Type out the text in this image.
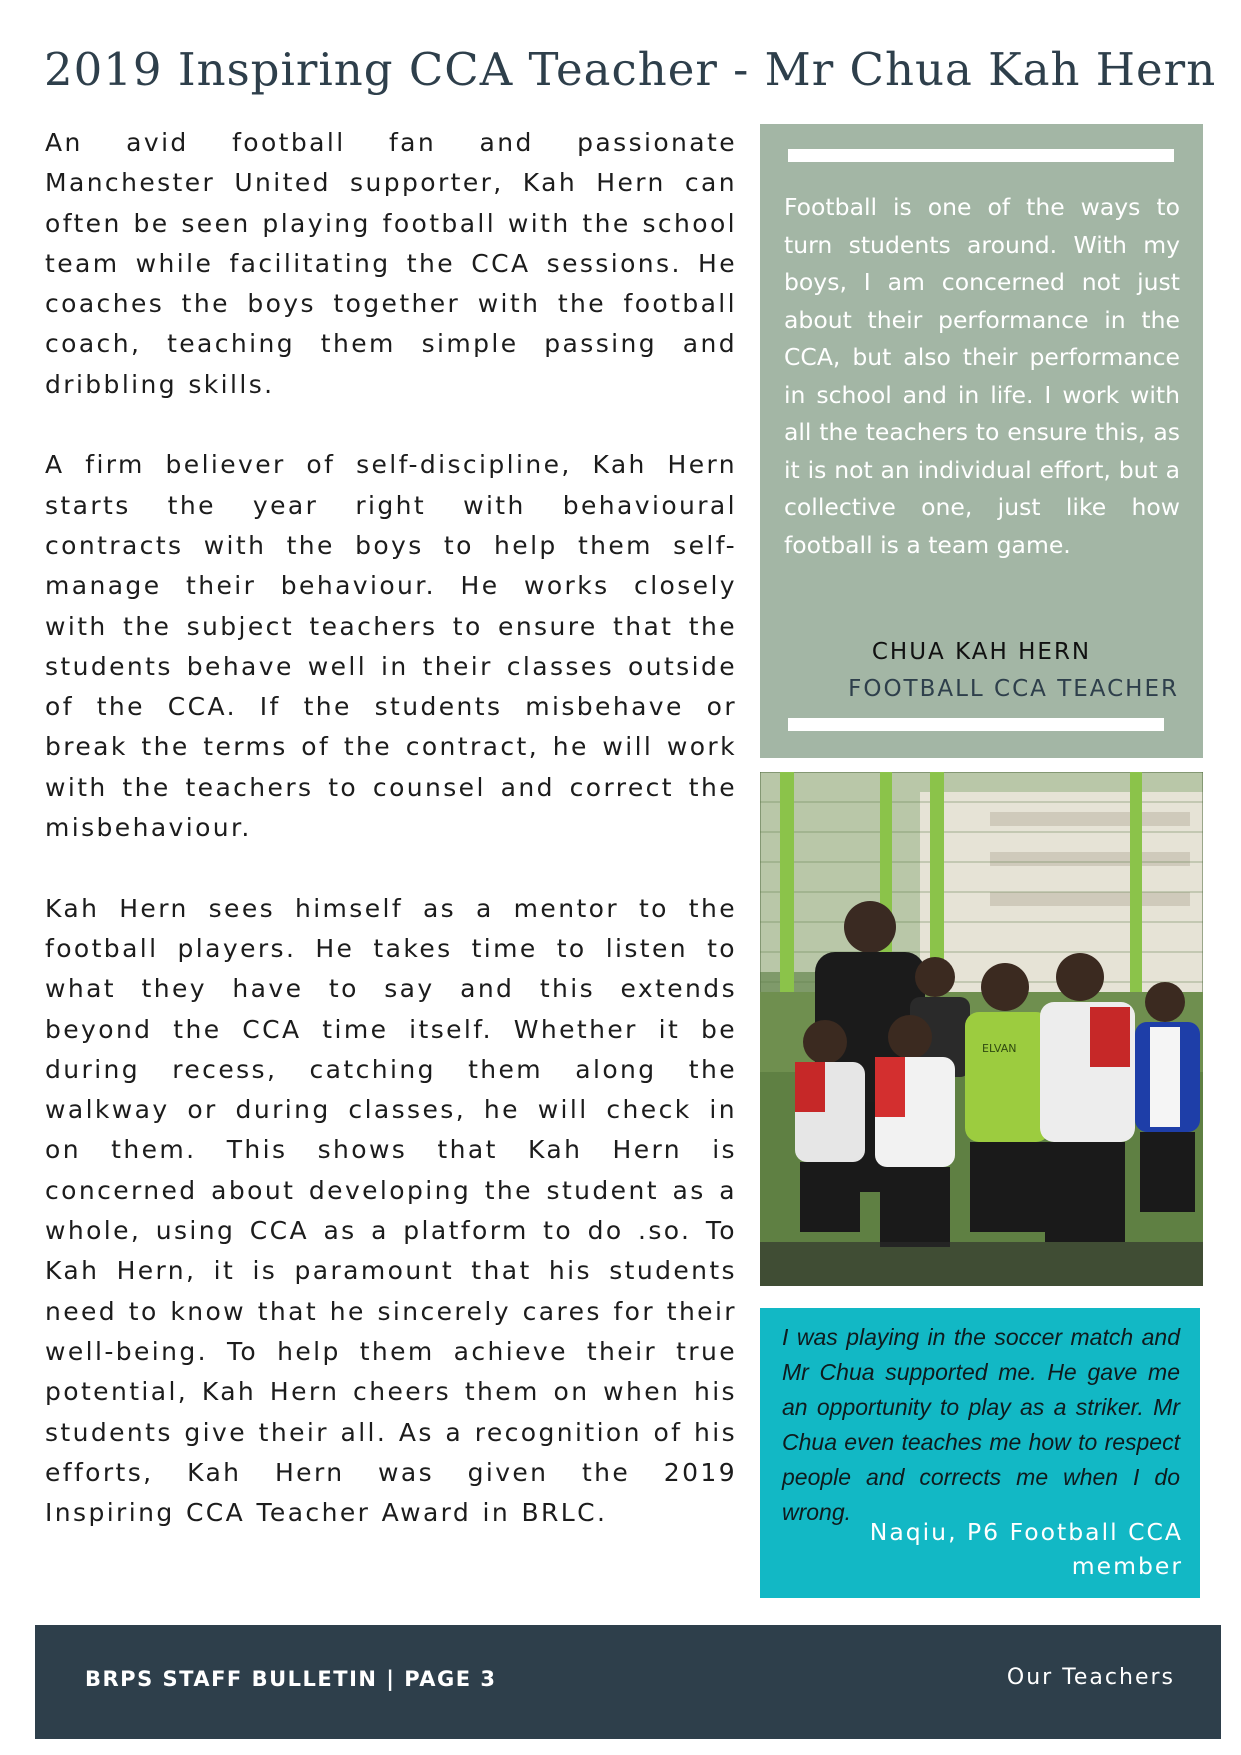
2019 Inspiring CCA Teacher - Mr Chua Kah Hern

An avid football fan and passionate Manchester United supporter, Kah Hern can often be seen playing football with the school team while facilitating the CCA sessions. He coaches the boys together with the football coach, teaching them simple passing and dribbling skills.

A firm believer of self-discipline, Kah Hern starts the year right with behavioural contracts with the boys to help them self-manage their behaviour. He works closely with the subject teachers to ensure that the students behave well in their classes outside of the CCA. If the students misbehave or break the terms of the contract, he will work with the teachers to counsel and correct the misbehaviour.

Kah Hern sees himself as a mentor to the football players. He takes time to listen to what they have to say and this extends beyond the CCA time itself. Whether it be during recess, catching them along the walkway or during classes, he will check in on them. This shows that Kah Hern is concerned about developing the student as a whole, using CCA as a platform to do .so. To Kah Hern, it is paramount that his students need to know that he sincerely cares for their well-being. To help them achieve their true potential, Kah Hern cheers them on when his students give their all. As a recognition of his efforts, Kah Hern was given the 2019 Inspiring CCA Teacher Award in BRLC.

Football is one of the ways to turn students around. With my boys, I am concerned not just about their performance in the CCA, but also their performance in school and in life. I work with all the teachers to ensure this, as it is not an individual effort, but a collective one, just like how football is a team game.
CHUA KAH HERN
FOOTBALL CCA TEACHER
ELVAN
I was playing in the soccer match and Mr Chua supported me. He gave me an opportunity to play as a striker. Mr Chua even teaches me how to respect people and corrects me when I do wrong.
Naqiu, P6 Football CCA member
BRPS STAFF BULLETIN | PAGE 3	Our Teachers
